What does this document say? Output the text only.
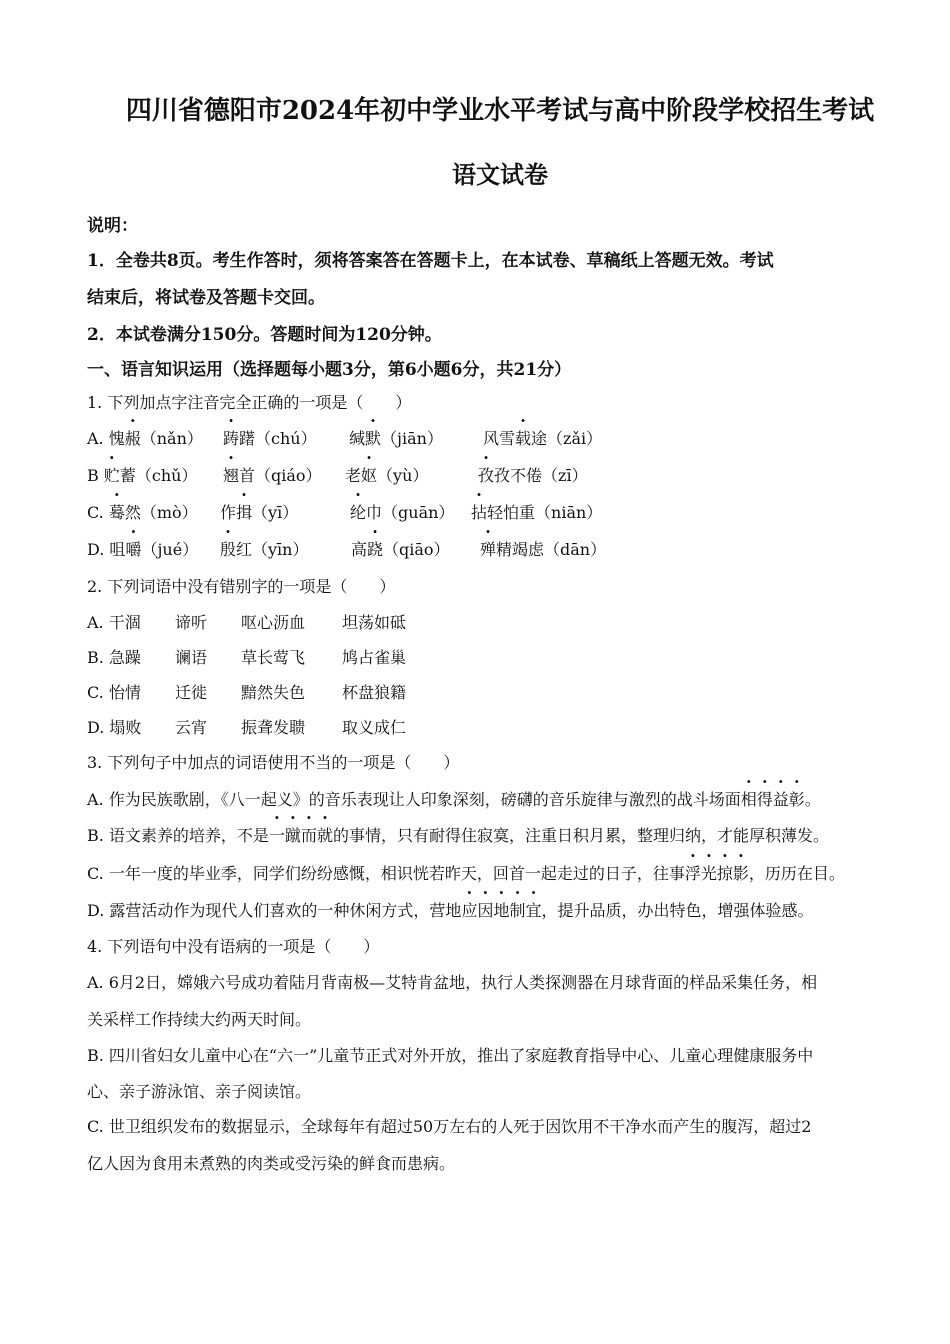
四川省德阳市2024年初中学业水平考试与高中阶段学校招生考试
语文试卷
说明：
1．全卷共8页。考生作答时，须将答案答在答题卡上，在本试卷、草稿纸上答题无效。考试
结束后，将试卷及答题卡交回。
2．本试卷满分150分。答题时间为120分钟。
一、语言知识运用（选择题每小题3分，第6小题6分，共21分）
1. 下列加点字注音完全正确的一项是（　　）
A. 愧赧（nǎn） 踌躇（chú） 缄默（jiān）	风雪载途（zǎi）
B 贮蓄（chǔ） 翘首（qiáo） 老妪（yù）	孜孜不倦（zī）
C. 蓦然（mò） 作揖（yī）	纶巾（guān） 拈轻怕重（niān）
D. 咀嚼（jué） 殷红（yīn）	高跷（qiāo） 殚精竭虑（dān）
2. 下列词语中没有错别字的一项是（　　）
A. 干涸 谛听 呕心沥血 坦荡如砥
B. 急躁 谰语 草长莺飞 鸠占雀巢
C. 怡情 迁徙 黯然失色 杯盘狼籍
D. 塌败 云宵 振聋发聩 取义成仁
3. 下列句子中加点的词语使用不当的一项是（　　）
A. 作为民族歌剧，《八一起义》的音乐表现让人印象深刻，磅礴的音乐旋律与激烈的战斗场面相得益彰。
B. 语文素养的培养，不是一蹴而就的事情，只有耐得住寂寞，注重日积月累，整理归纳，才能厚积薄发。
C. 一年一度的毕业季，同学们纷纷感慨，相识恍若昨天，回首一起走过的日子，往事浮光掠影，历历在目。
D. 露营活动作为现代人们喜欢的一种休闲方式，营地应因地制宜，提升品质，办出特色，增强体验感。
4. 下列语句中没有语病的一项是（　　）
A. 6月2日，嫦娥六号成功着陆月背南极—艾特肯盆地，执行人类探测器在月球背面的样品采集任务，相
关采样工作持续大约两天时间。
B. 四川省妇女儿童中心在“六一”儿童节正式对外开放，推出了家庭教育指导中心、儿童心理健康服务中
心、亲子游泳馆、亲子阅读馆。
C. 世卫组织发布的数据显示，全球每年有超过50万左右的人死于因饮用不干净水而产生的腹泻，超过2
亿人因为食用未煮熟的肉类或受污染的鲜食而患病。
